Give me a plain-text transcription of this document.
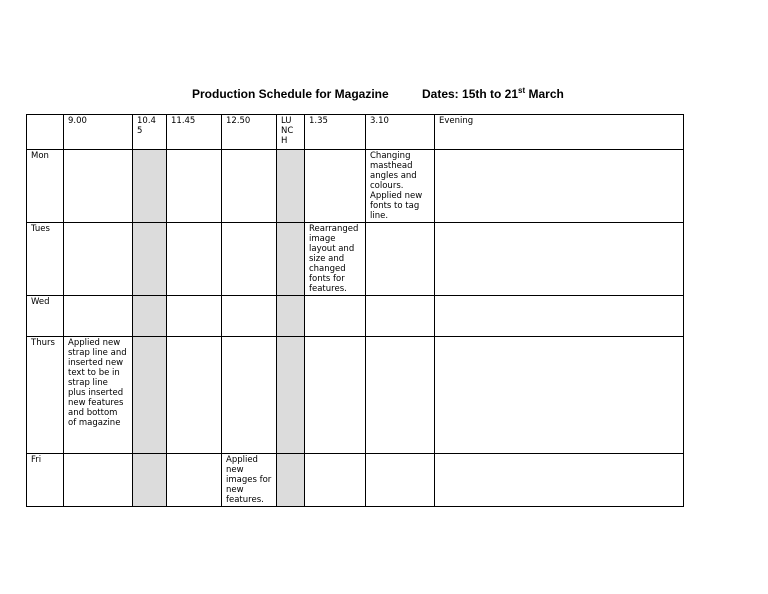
Production Schedule for Magazine	Dates: 15th to 21st March
	9.00	10.4 5	11.45	12.50	LU NC H	1.35	3.10	Evening
Mon							Changing masthead angles and colours. Applied new fonts to tag line.	
Tues						Rearranged image layout and size and changed fonts for features.		
Wed								
Thurs	Applied new strap line and inserted new text to be in strap line plus inserted new features and bottom of magazine							
Fri				Applied new images for new features.				
